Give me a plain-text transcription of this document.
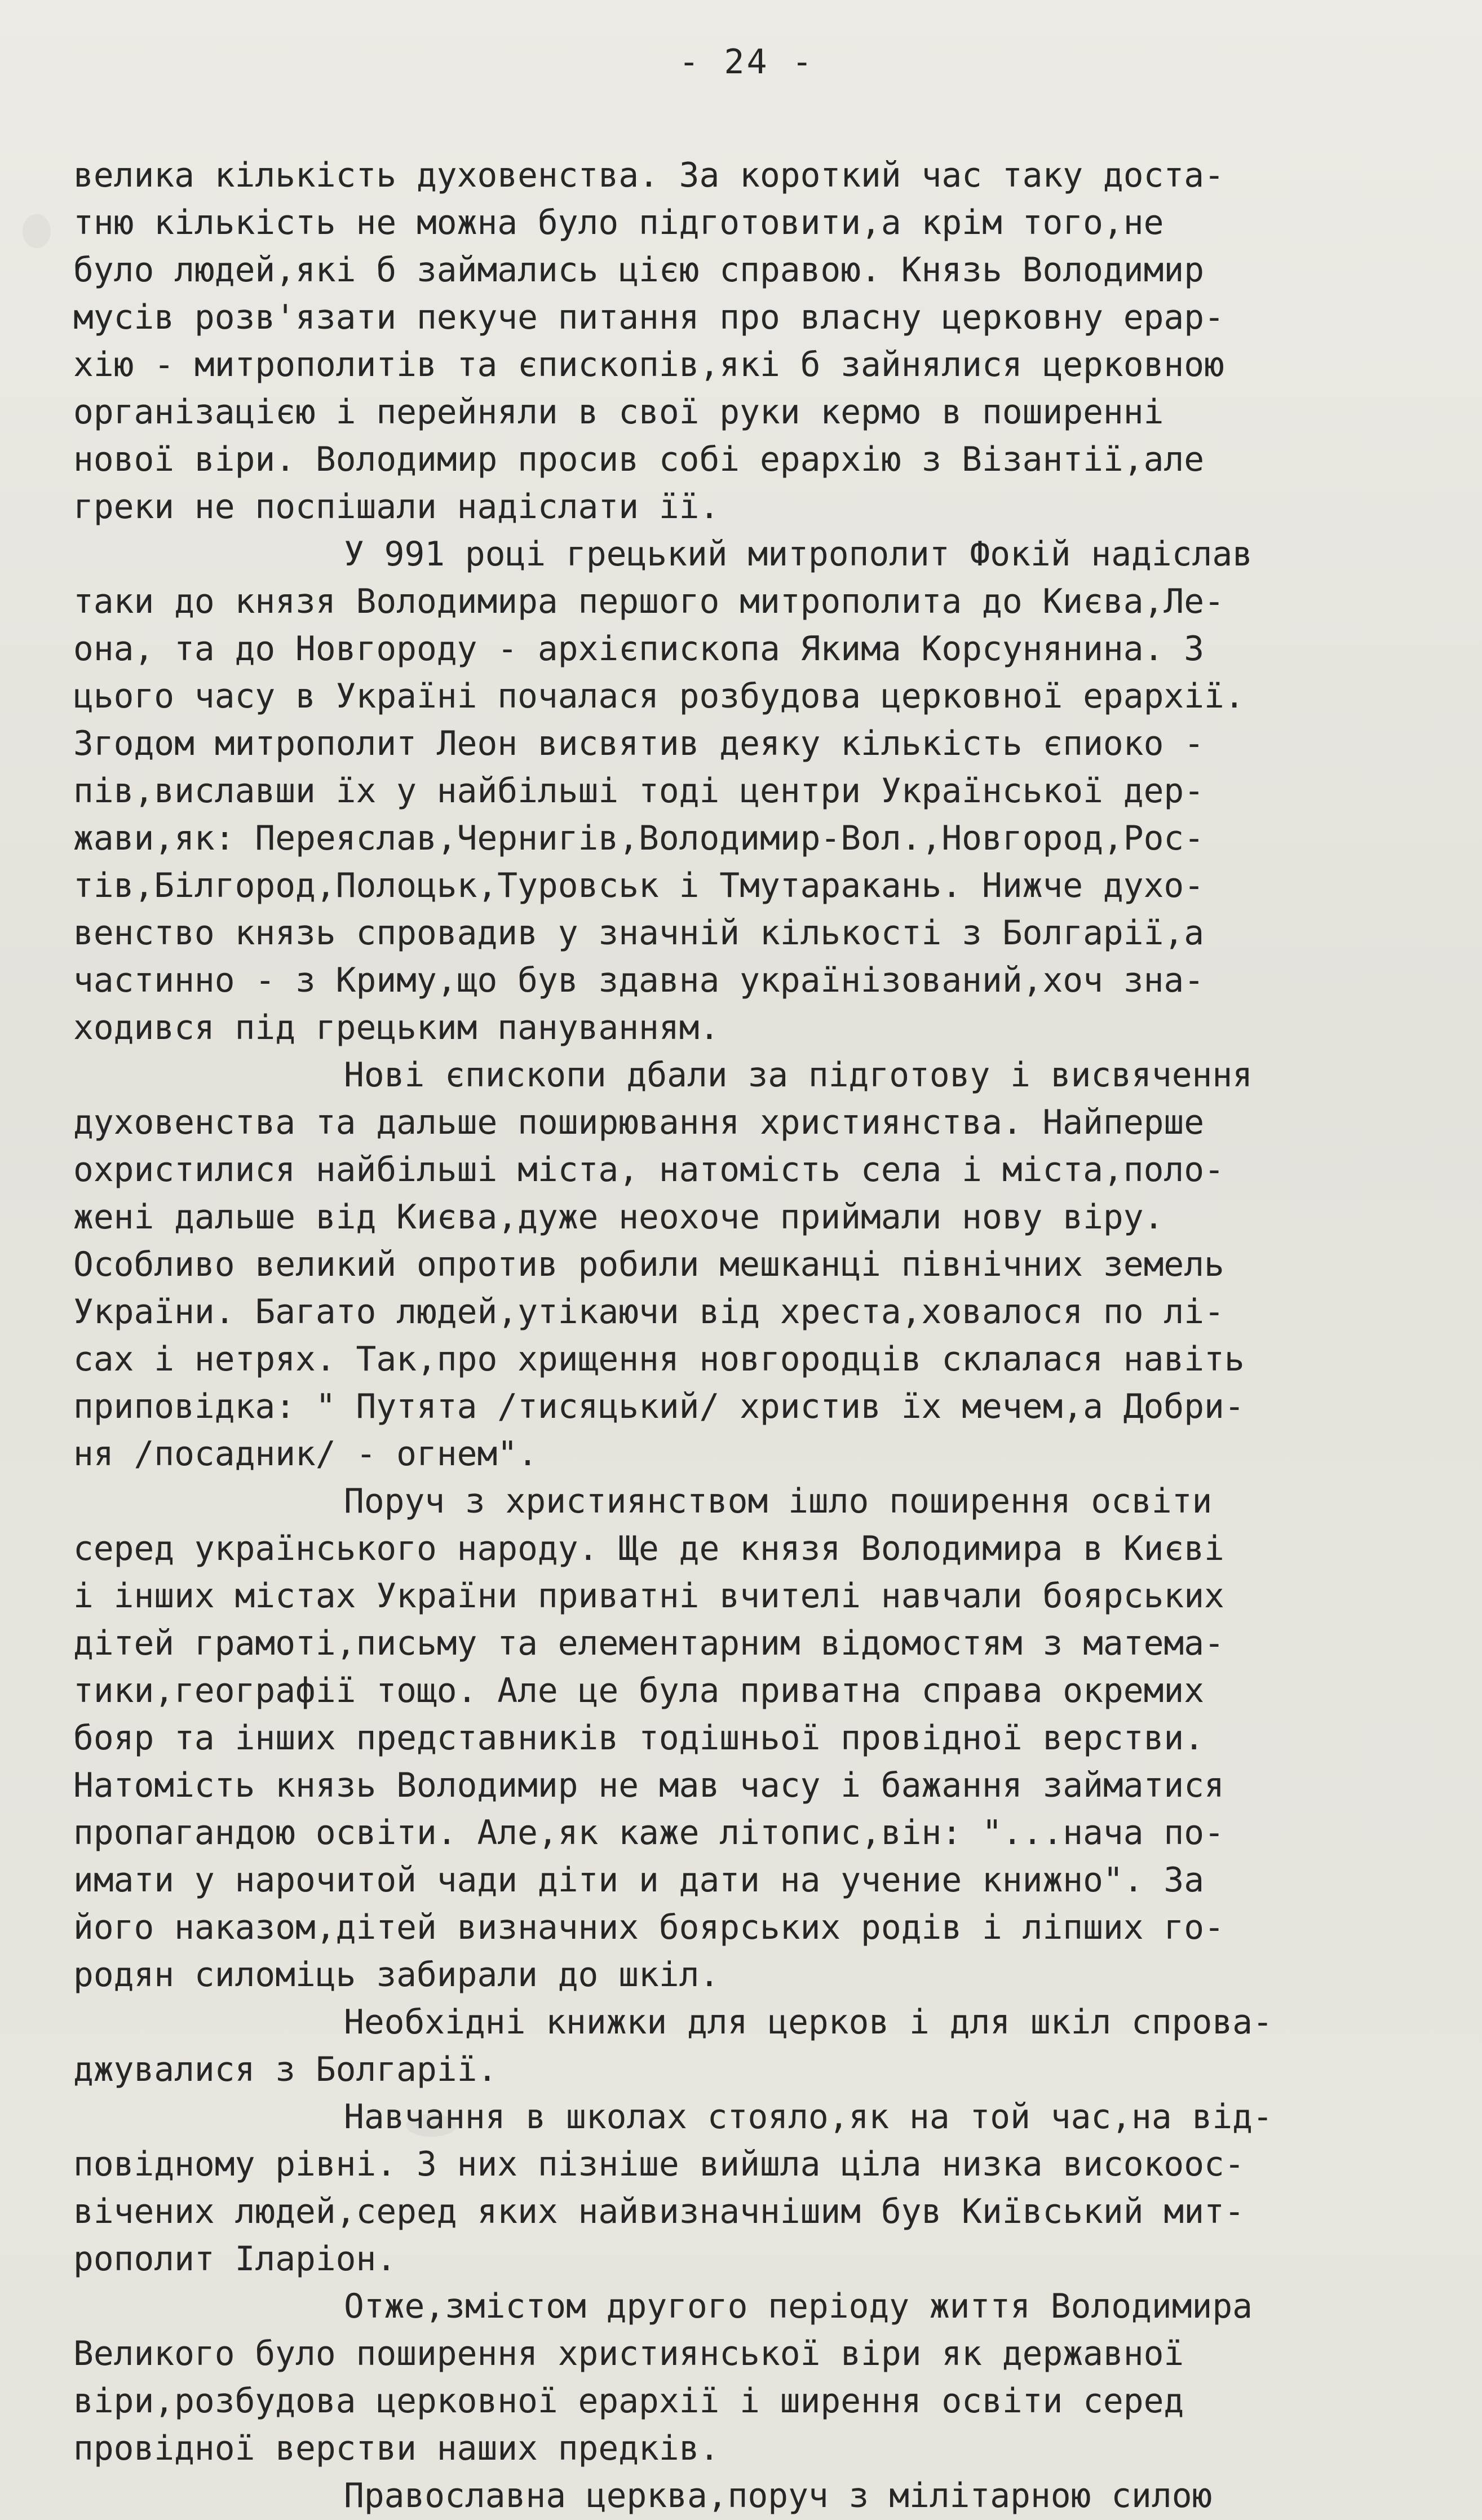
- 24 -
велика кількість духовенства. За короткий час таку доста-
тню кількість не можна було підготовити,а крім того,не
було людей,які б займались цією справою. Князь Володимир
мусів розв'язати пекуче питання про власну церковну ерар-
хію - митрополитів та єпископів,які б зайнялися церковною
організацією і перейняли в свої руки кермо в поширенні
нової віри. Володимир просив собі ерархію з Візантії,але
греки не поспішали надіслати її.
У 991 році грецький митрополит Фокій надіслав
таки до князя Володимира першого митрополита до Києва,Ле-
она, та до Новгороду - архієпископа Якима Корсунянина. З
цього часу в Україні почалася розбудова церковної ерархії.
Згодом митрополит Леон висвятив деяку кількість єпиоко -
пів,виславши їх у найбільші тоді центри Української дер-
жави,як: Переяслав,Чернигів,Володимир-Вол.,Новгород,Рос-
тів,Білгород,Полоцьк,Туровськ і Тмутаракань. Нижче духо-
венство князь спровадив у значній кількості з Болгарії,а
частинно - з Криму,що був здавна українізований,хоч зна-
ходився під грецьким пануванням.
Нові єпископи дбали за підготову і висвячення
духовенства та дальше поширювання християнства. Найперше
охристилися найбільші міста, натомість села і міста,поло-
жені дальше від Києва,дуже неохоче приймали нову віру.
Особливо великий опротив робили мешканці північних земель
України. Багато людей,утікаючи від хреста,ховалося по лі-
сах і нетрях. Так,про хрищення новгородців склалася навіть
приповідка: " Путята /тисяцький/ христив їх мечем,а Добри-
ня /посадник/ - огнем".
Поруч з християнством ішло поширення освіти
серед українського народу. Ще де князя Володимира в Києві
і інших містах України приватні вчителі навчали боярських
дітей грамоті,письму та елементарним відомостям з матема-
тики,географії тощо. Але це була приватна справа окремих
бояр та інших представників тодішньої провідної верстви.
Натомість князь Володимир не мав часу і бажання займатися
пропагандою освіти. Але,як каже літопис,він: "...нача по-
имати у нарочитой чади діти и дати на учение книжно". За
його наказом,дітей визначних боярських родів і ліпших го-
родян силоміць забирали до шкіл.
Необхідні книжки для церков і для шкіл спрова-
джувалися з Болгарії.
Навчання в школах стояло,як на той час,на від-
повідному рівні. З них пізніше вийшла ціла низка високоос-
вічених людей,серед яких найвизначнішим був Київський мит-
рополит Іларіон.
Отже,змістом другого періоду життя Володимира
Великого було поширення християнської віри як державної
віри,розбудова церковної ерархії і ширення освіти серед
провідної верстви наших предків.
Православна церква,поруч з мілітарною силою
